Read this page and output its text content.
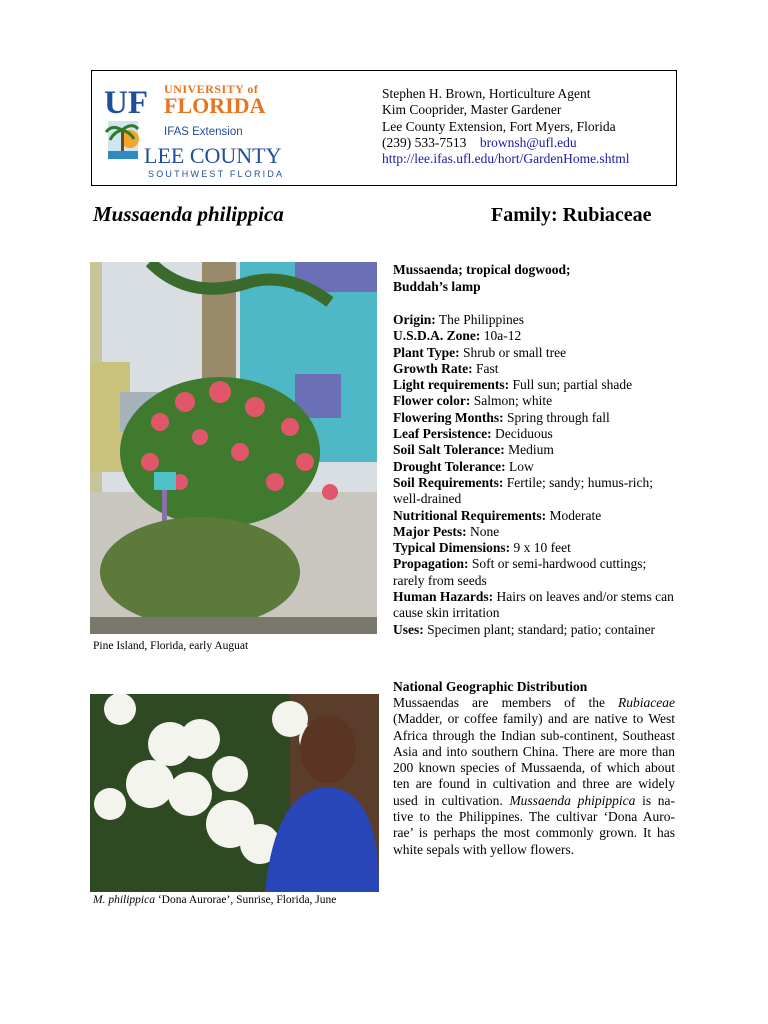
UF UNIVERSITY of
FLORIDA
IFAS Extension
LEE COUNTY
SOUTHWEST FLORIDA
Stephen H. Brown, Horticulture Agent
Kim Cooprider, Master Gardener
Lee County Extension, Fort Myers, Florida
(239) 533-7513 brownsh@ufl.edu
http://lee.ifas.ufl.edu/hort/GardenHome.shtml
Mussaenda philippica	Family: Rubiaceae
Pine Island, Florida, early Auguat
M. philippica ‘Dona Aurorae’, Sunrise, Florida, June
Mussaenda; tropical dogwood;
Buddah’s lamp
Origin: The Philippines
U.S.D.A. Zone: 10a-12
Plant Type: Shrub or small tree
Growth Rate: Fast
Light requirements: Full sun; partial shade
Flower color: Salmon; white
Flowering Months: Spring through fall
Leaf Persistence: Deciduous
Soil Salt Tolerance: Medium
Drought Tolerance: Low
Soil Requirements: Fertile; sandy; humus-rich; well-drained
Nutritional Requirements: Moderate
Major Pests: None
Typical Dimensions: 9 x 10 feet
Propagation: Soft or semi-hardwood cuttings; rarely from seeds
Human Hazards: Hairs on leaves and/or stems can cause skin irritation
Uses: Specimen plant; standard; patio; container
National Geographic Distribution
Mussaendas are members of the Rubiaceae (Madder, or coffee family) and are native to West Africa through the Indian sub-continent, Southeast Asia and into southern China. There are more than 200 known species of Mussaenda, of which about ten are found in cultivation and three are widely used in cultivation. Mussaenda phipippica is na-tive to the Philippines. The cultivar ‘Dona Auro-rae’ is perhaps the most commonly grown. It has white sepals with yellow flowers.
